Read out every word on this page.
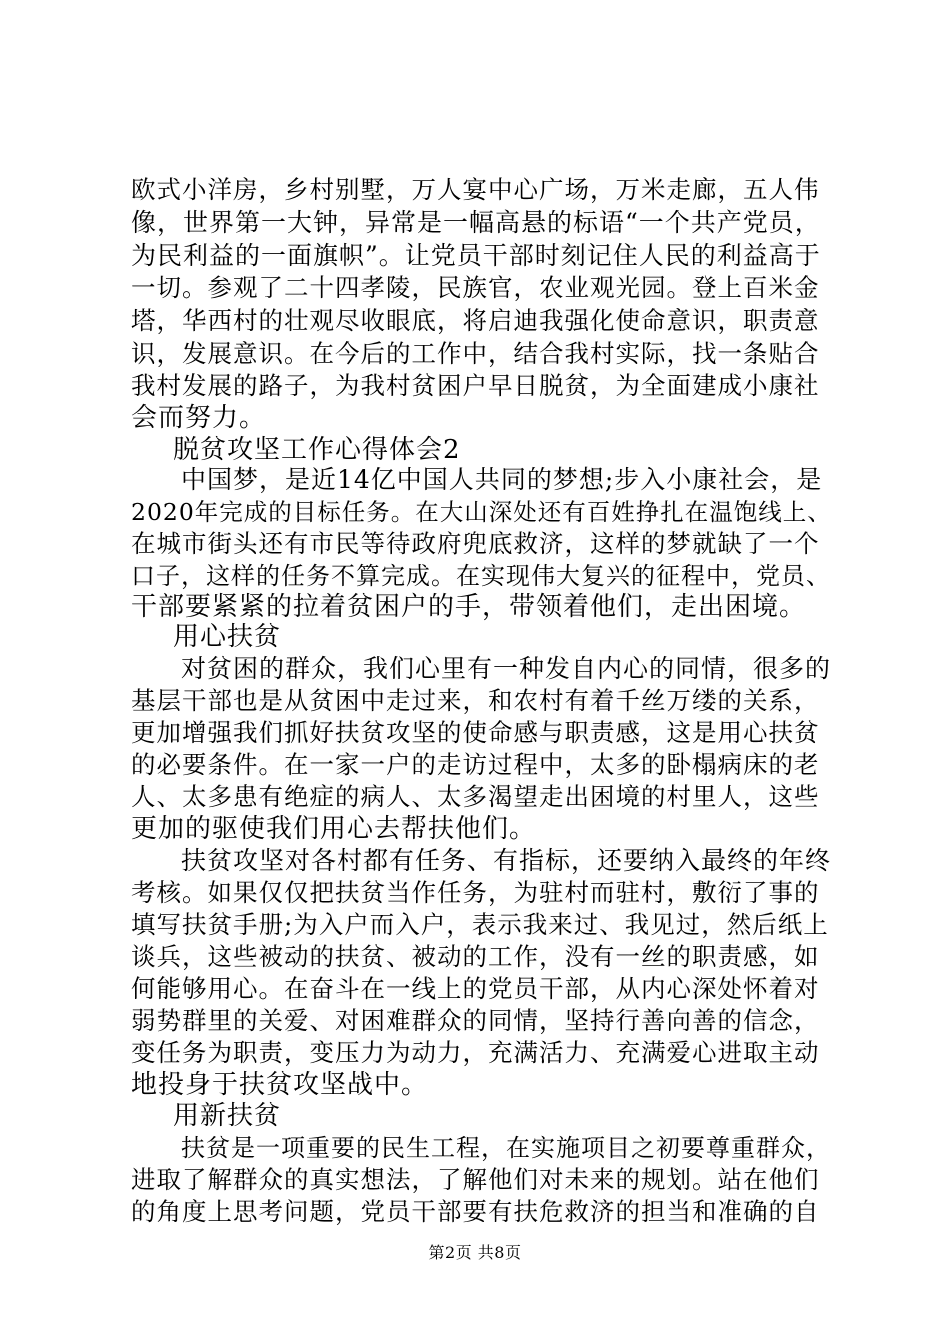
欧式小洋房，乡村别墅，万人宴中心广场，万米走廊，五人伟
像，世界第一大钟，异常是一幅高悬的标语“一个共产党员，
为民利益的一面旗帜”。让党员干部时刻记住人民的利益高于
一切。参观了二十四孝陵，民族官，农业观光园。登上百米金
塔，华西村的壮观尽收眼底，将启迪我强化使命意识，职责意
识，发展意识。在今后的工作中，结合我村实际，找一条贴合
我村发展的路子，为我村贫困户早日脱贫，为全面建成小康社
会而努力。
脱贫攻坚工作心得体会2
中国梦，是近14亿中国人共同的梦想;步入小康社会，是
2020年完成的目标任务。在大山深处还有百姓挣扎在温饱线上、
在城市街头还有市民等待政府兜底救济，这样的梦就缺了一个
口子，这样的任务不算完成。在实现伟大复兴的征程中，党员、
干部要紧紧的拉着贫困户的手，带领着他们，走出困境。
用心扶贫
对贫困的群众，我们心里有一种发自内心的同情，很多的
基层干部也是从贫困中走过来，和农村有着千丝万缕的关系，
更加增强我们抓好扶贫攻坚的使命感与职责感，这是用心扶贫
的必要条件。在一家一户的走访过程中，太多的卧榻病床的老
人、太多患有绝症的病人、太多渴望走出困境的村里人，这些
更加的驱使我们用心去帮扶他们。
扶贫攻坚对各村都有任务、有指标，还要纳入最终的年终
考核。如果仅仅把扶贫当作任务，为驻村而驻村，敷衍了事的
填写扶贫手册;为入户而入户，表示我来过、我见过，然后纸上
谈兵，这些被动的扶贫、被动的工作，没有一丝的职责感，如
何能够用心。在奋斗在一线上的党员干部，从内心深处怀着对
弱势群里的关爱、对困难群众的同情，坚持行善向善的信念，
变任务为职责，变压力为动力，充满活力、充满爱心进取主动
地投身于扶贫攻坚战中。
用新扶贫
扶贫是一项重要的民生工程，在实施项目之初要尊重群众，
进取了解群众的真实想法，了解他们对未来的规划。站在他们
的角度上思考问题，党员干部要有扶危救济的担当和准确的自
第2页 共8页
